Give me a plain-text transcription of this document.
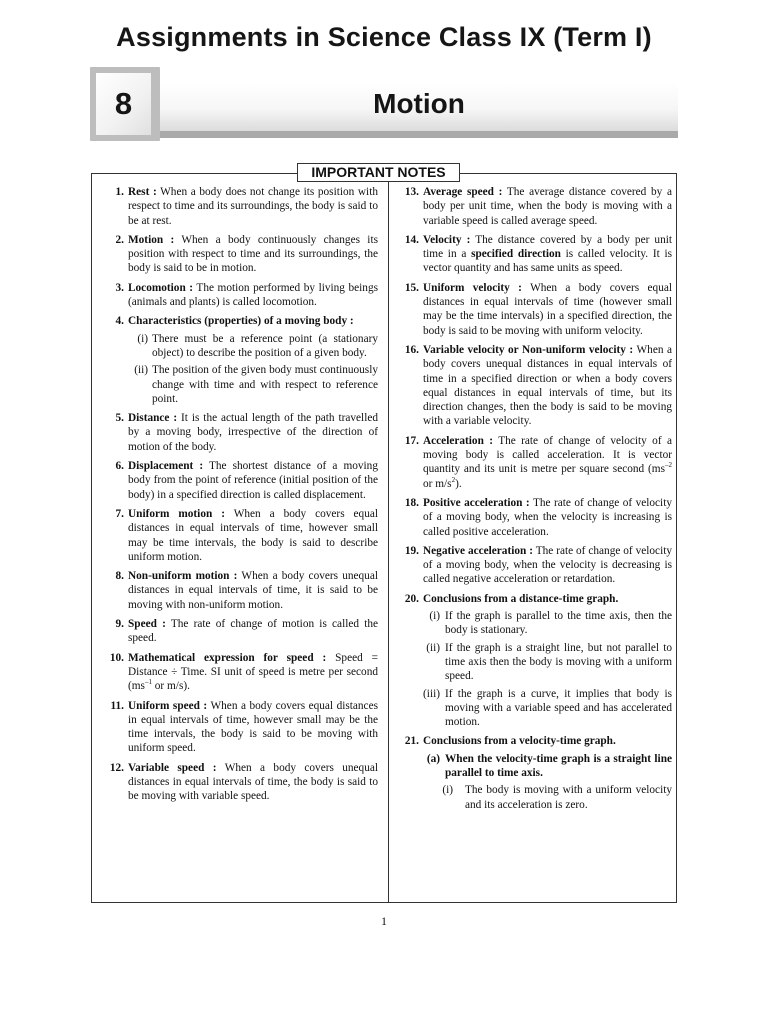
Assignments in Science Class IX (Term I)
8	Motion
IMPORTANT NOTES
1. Rest : When a body does not change its position with respect to time and its surroundings, the body is said to be at rest.
2. Motion : When a body continuously changes its position with respect to time and its surroundings, the body is said to be in motion.
3. Locomotion : The motion performed by living beings (animals and plants) is called locomotion.
4. Characteristics (properties) of a moving body :
(i) There must be a reference point (a stationary object) to describe the position of a given body.
(ii) The position of the given body must continuously change with time and with respect to reference point.
5. Distance : It is the actual length of the path travelled by a moving body, irrespective of the direction of motion of the body.
6. Displacement : The shortest distance of a moving body from the point of reference (initial position of the body) in a specified direction is called displacement.
7. Uniform motion : When a body covers equal distances in equal intervals of time, however small may be time intervals, the body is said to describe uniform motion.
8. Non-uniform motion : When a body covers unequal distances in equal intervals of time, it is said to be moving with non-uniform motion.
9. Speed : The rate of change of motion is called the speed.
10. Mathematical expression for speed : Speed = Distance ÷ Time. SI unit of speed is metre per second ($ms^{-1}$ or m/s).
11. Uniform speed : When a body covers equal distances in equal intervals of time, however small may be the time intervals, the body is said to be moving with uniform speed.
12. Variable speed : When a body covers unequal distances in equal intervals of time, the body is said to be moving with variable speed.
13. Average speed : The average distance covered by a body per unit time, when the body is moving with a variable speed is called average speed.
14. Velocity : The distance covered by a body per unit time in a specified direction is called velocity. It is vector quantity and has same units as speed.
15. Uniform velocity : When a body covers equal distances in equal intervals of time (however small may be the time intervals) in a specified direction, the body is said to be moving with uniform velocity.
16. Variable velocity or Non-uniform velocity : When a body covers unequal distances in equal intervals of time in a specified direction or when a body covers equal distances in equal intervals of time, but its direction changes, then the body is said to be moving with a variable velocity.
17. Acceleration : The rate of change of velocity of a moving body is called acceleration. It is vector quantity and its unit is metre per square second ($ms^{-2}$ or $m/s^2$).
18. Positive acceleration : The rate of change of velocity of a moving body, when the velocity is increasing is called positive acceleration.
19. Negative acceleration : The rate of change of velocity of a moving body, when the velocity is decreasing is called negative acceleration or retardation.
20. Conclusions from a distance-time graph.
(i) If the graph is parallel to the time axis, then the body is stationary.
(ii) If the graph is a straight line, but not parallel to time axis then the body is moving with a uniform speed.
(iii) If the graph is a curve, it implies that body is moving with a variable speed and has accelerated motion.
21. Conclusions from a velocity-time graph.
(a) When the velocity-time graph is a straight line parallel to time axis.
(i) The body is moving with a uniform velocity and its acceleration is zero.
1
